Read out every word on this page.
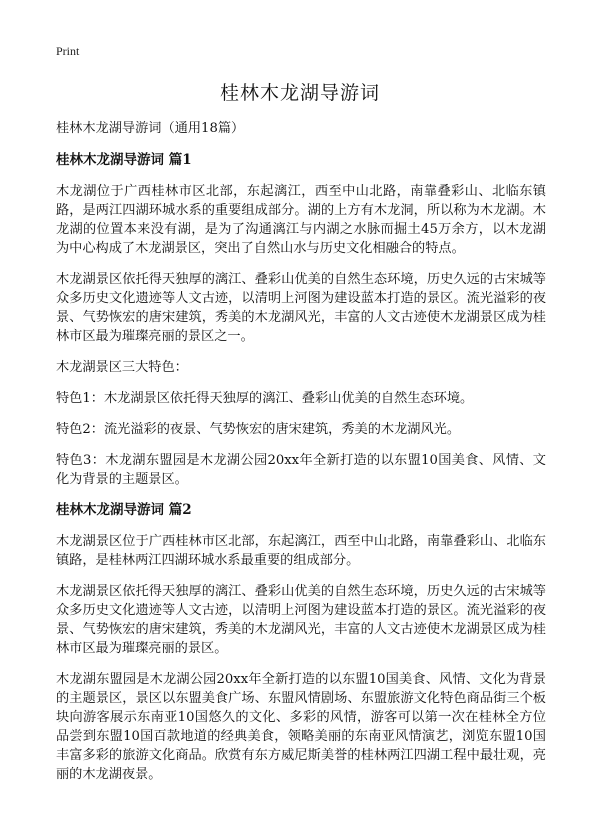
Print
桂林木龙湖导游词

桂林木龙湖导游词（通用18篇）

桂林木龙湖导游词 篇1

木龙湖位于广西桂林市区北部，东起漓江，西至中山北路，南靠叠彩山、北临东镇路，是两江四湖环城水系的重要组成部分。湖的上方有木龙洞，所以称为木龙湖。木龙湖的位置本来没有湖，是为了沟通漓江与内湖之水脉而掘土45万余方，以木龙湖为中心构成了木龙湖景区，突出了自然山水与历史文化相融合的特点。

木龙湖景区依托得天独厚的漓江、叠彩山优美的自然生态环境，历史久远的古宋城等众多历史文化遗迹等人文古迹，以清明上河图为建设蓝本打造的景区。流光溢彩的夜景、气势恢宏的唐宋建筑，秀美的木龙湖风光，丰富的人文古迹使木龙湖景区成为桂林市区最为璀璨亮丽的景区之一。

木龙湖景区三大特色：

特色1：木龙湖景区依托得天独厚的漓江、叠彩山优美的自然生态环境。

特色2：流光溢彩的夜景、气势恢宏的唐宋建筑，秀美的木龙湖风光。

特色3：木龙湖东盟园是木龙湖公园20xx年全新打造的以东盟10国美食、风情、文化为背景的主题景区。

桂林木龙湖导游词 篇2

木龙湖景区位于广西桂林市区北部，东起漓江，西至中山北路，南靠叠彩山、北临东镇路，是桂林两江四湖环城水系最重要的组成部分。

木龙湖景区依托得天独厚的漓江、叠彩山优美的自然生态环境，历史久远的古宋城等众多历史文化遗迹等人文古迹，以清明上河图为建设蓝本打造的景区。流光溢彩的夜景、气势恢宏的唐宋建筑，秀美的木龙湖风光，丰富的人文古迹使木龙湖景区成为桂林市区最为璀璨亮丽的景区。

木龙湖东盟园是木龙湖公园20xx年全新打造的以东盟10国美食、风情、文化为背景的主题景区，景区以东盟美食广场、东盟风情剧场、东盟旅游文化特色商品街三个板块向游客展示东南亚10国悠久的文化、多彩的风情，游客可以第一次在桂林全方位品尝到东盟10国百款地道的经典美食，领略美丽的东南亚风情演艺，浏览东盟10国丰富多彩的旅游文化商品。欣赏有东方威尼斯美誉的桂林两江四湖工程中最壮观，亮丽的木龙湖夜景。
